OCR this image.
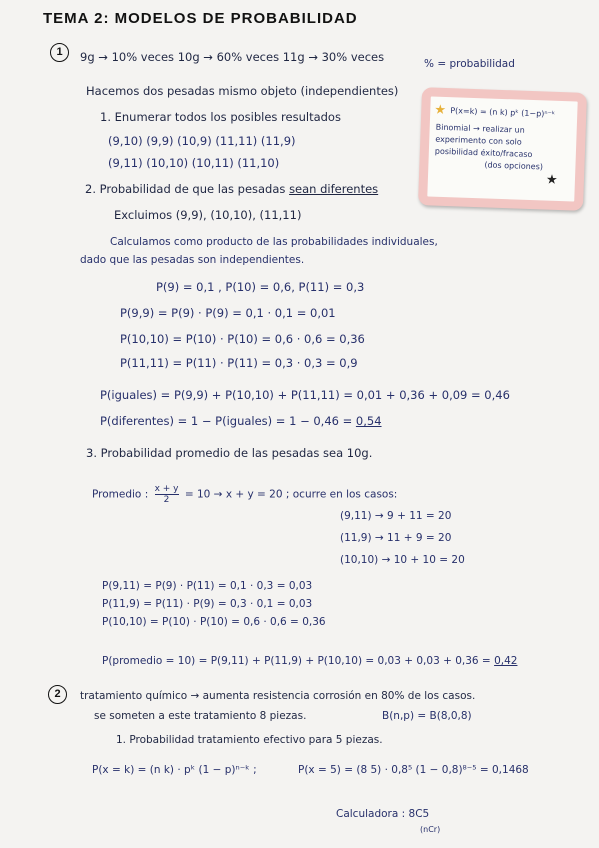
TEMA 2: MODELOS DE PROBABILIDAD
1	9g → 10% veces 10g → 60% veces 11g → 30% veces	% = probabilidad
Hacemos dos pesadas mismo objeto (independientes)
1. Enumerar todos los posibles resultados
(9,10) (9,9) (10,9) (11,11) (11,9)
(9,11) (10,10) (10,11) (11,10)
2. Probabilidad de que las pesadas sean diferentes
Excluimos (9,9), (10,10), (11,11)
Calculamos como producto de las probabilidades individuales,
dado que las pesadas son independientes.
P(9) = 0,1 , P(10) = 0,6, P(11) = 0,3
P(9,9) = P(9) · P(9) = 0,1 · 0,1 = 0,01
P(10,10) = P(10) · P(10) = 0,6 · 0,6 = 0,36
P(11,11) = P(11) · P(11) = 0,3 · 0,3 = 0,9
P(iguales) = P(9,9) + P(10,10) + P(11,11) = 0,01 + 0,36 + 0,09 = 0,46
P(diferentes) = 1 − P(iguales) = 1 − 0,46 = 0,54
3. Probabilidad promedio de las pesadas sea 10g.
Promedio : $\frac{x + y}{2} = 10 \to x + y = 20$ ; ocurre en los casos:
(9,11) → 9 + 11 = 20
(11,9) → 11 + 9 = 20
(10,10) → 10 + 10 = 20
P(9,11) = P(9) · P(11) = 0,1 · 0,3 = 0,03
P(11,9) = P(11) · P(9) = 0,3 · 0,1 = 0,03
P(10,10) = P(10) · P(10) = 0,6 · 0,6 = 0,36
P(promedio = 10) = P(9,11) + P(11,9) + P(10,10) = 0,03 + 0,03 + 0,36 = 0,42
2	tratamiento químico → aumenta resistencia corrosión en 80% de los casos.
se someten a este tratamiento 8 piezas.	B(n,p) = B(8,0,8)
1. Probabilidad tratamiento efectivo para 5 piezas.
P(x = k) = (n k) · pᵏ (1 − p)ⁿ⁻ᵏ ;	P(x = 5) = (8 5) · 0,8⁵ (1 − 0,8)⁸⁻⁵ = 0,1468
Calculadora : 8C5
(nCr)
★ P(x=k) = (n k) pᵏ (1−p)ⁿ⁻ᵏ
Binomial → realizar un
experimento con solo
posibilidad éxito/fracaso
(dos opciones)
★
